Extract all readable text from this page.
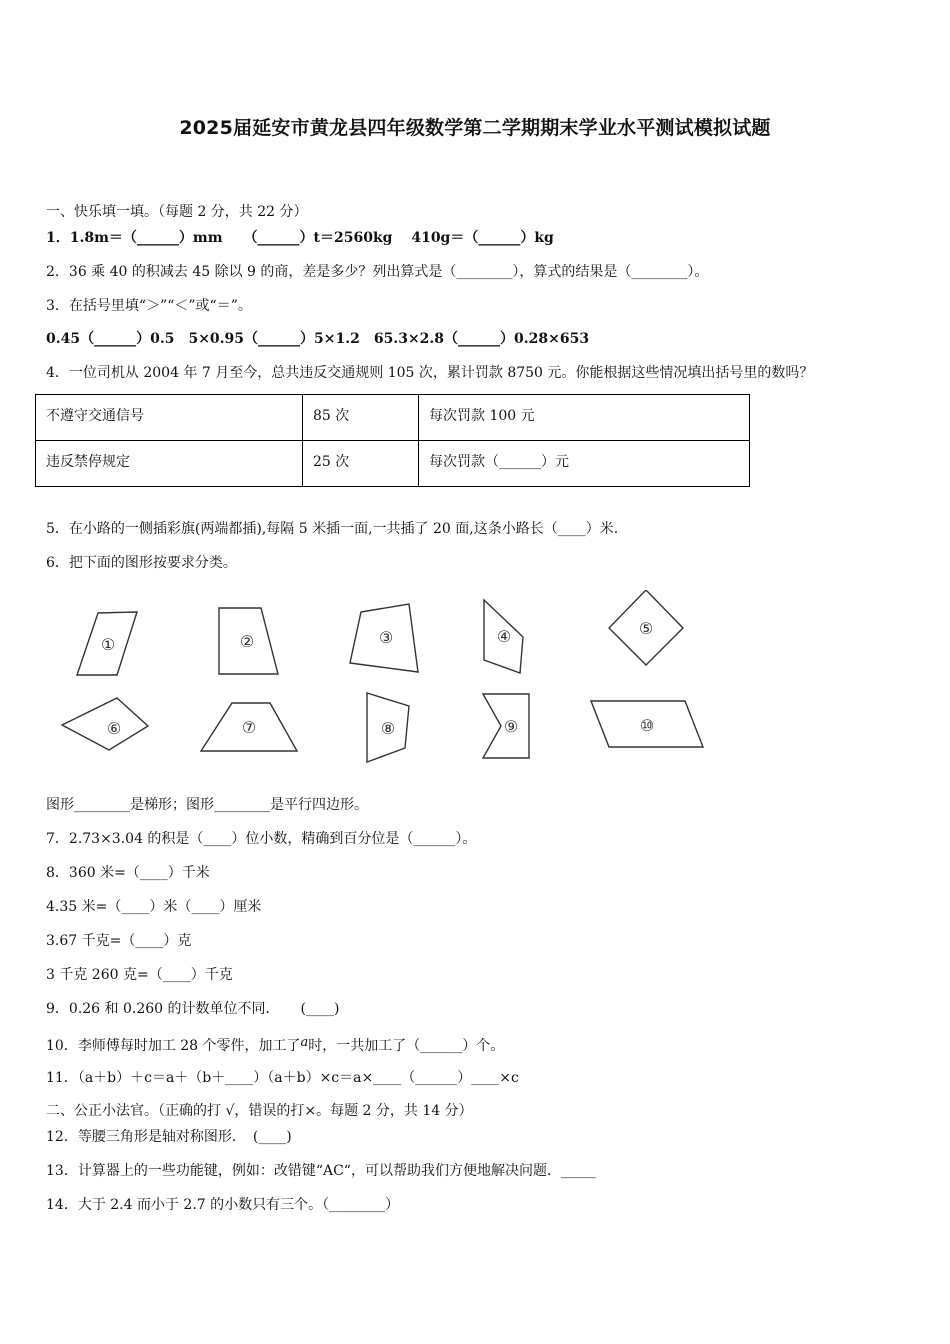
2025届延安市黄龙县四年级数学第二学期期末学业水平测试模拟试题
一、快乐填一填。（每题 2 分，共 22 分）
1．1.8m＝（______）mm　　（______）t＝2560kg　 410g＝（______）kg
2．36 乘 40 的积减去 45 除以 9 的商，差是多少？列出算式是（________），算式的结果是（________）。
3．在括号里填“＞”“＜”或“＝”。
0.45（______）0.5　5×0.95（______）5×1.2　65.3×2.8（______）0.28×653
4．一位司机从 2004 年 7 月至今，总共违反交通规则 105 次，累计罚款 8750 元。你能根据这些情况填出括号里的数吗？
不遵守交通信号	85 次	每次罚款 100 元
违反禁停规定	25 次	每次罚款（______）元
5．在小路的一侧插彩旗(两端都插),每隔 5 米插一面,一共插了 20 面,这条小路长（____）米.
6．把下面的图形按要求分类。
①	②	③	④	⑤
⑥	⑦	⑧	⑨	⑩
图形________是梯形；图形________是平行四边形。
7．2.73×3.04 的积是（____）位小数，精确到百分位是（______）。
8．360 米=（____）千米
4.35 米=（____）米（____）厘米
3.67 千克=（____）克
3 千克 260 克=（____）千克
9．0.26 和 0.260 的计数单位不同．　　(____)
10．李师傅每时加工 28 个零件，加工了a时，一共加工了（______）个。
11．（a＋b）＋c＝a＋（b＋____）（a＋b）×c＝a×____（______）____×c
二、公正小法官。（正确的打 √，错误的打×。每题 2 分，共 14 分）
12．等腰三角形是轴对称图形．　(____)
13．计算器上的一些功能键，例如：改错键“AC“，可以帮助我们方便地解决问题．_____
14．大于 2.4 而小于 2.7 的小数只有三个。（________）
